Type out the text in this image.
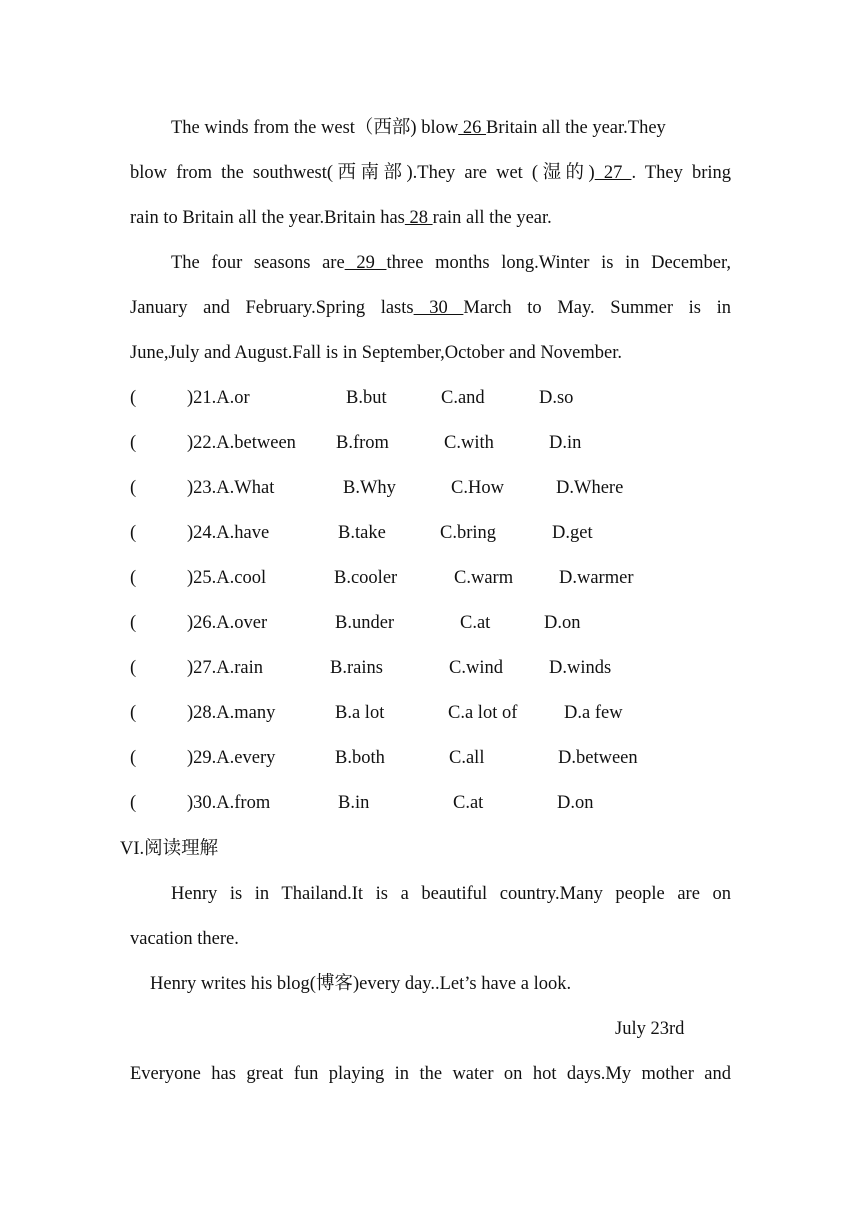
The winds from the west（西部) blow 26 Britain all the year.They
blow from the southwest(西南部).They are wet (湿的) 27 . They bring
rain to Britain all the year.Britain has 28 rain all the year.
The four seasons are 29 three months long.Winter is in December,
January and February.Spring lasts 30 March to May. Summer is in
June,July and August.Fall is in September,October and November.
(	)21.A.or	B.but	C.and	D.so
(	)22.A.between B.from	C.with	D.in
(	)23.A.What	B.Why	C.How	D.Where
(	)24.A.have	B.take	C.bring	D.get
(	)25.A.cool	B.cooler	C.warm D.warmer
(	)26.A.over	B.under	C.at	D.on
(	)27.A.rain	B.rains	C.wind D.winds
(	)28.A.many	B.a lot	C.a lot of	D.a few
(	)29.A.every	B.both	C.all	D.between
(	)30.A.from	B.in	C.at	D.on
VI.阅读理解
Henry is in Thailand.It is a beautiful country.Many people are on
vacation there.
Henry writes his blog(博客)every day..Let’s have a look.
July 23rd
Everyone has great fun playing in the water on hot days.My mother and
